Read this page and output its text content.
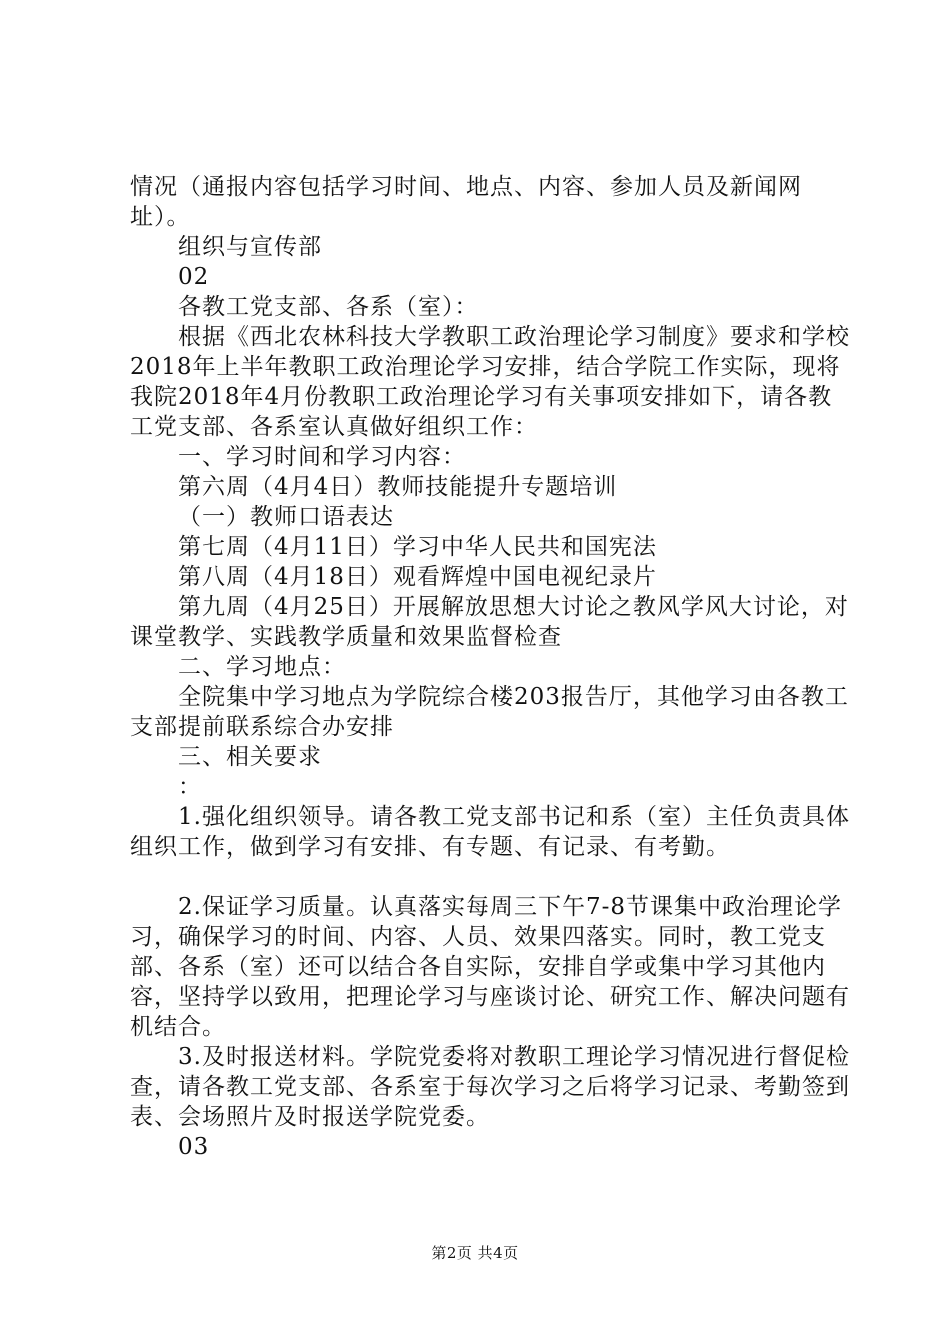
情况（通报内容包括学习时间、地点、内容、参加人员及新闻网址）。

组织与宣传部

02

各教工党支部、各系（室）：

根据《西北农林科技大学教职工政治理论学习制度》要求和学校2018年上半年教职工政治理论学习安排，结合学院工作实际，现将我院2018年4月份教职工政治理论学习有关事项安排如下，请各教工党支部、各系室认真做好组织工作：

一、学习时间和学习内容：

第六周（4月4日）教师技能提升专题培训

（一）教师口语表达

第七周（4月11日）学习中华人民共和国宪法

第八周（4月18日）观看辉煌中国电视纪录片

第九周（4月25日）开展解放思想大讨论之教风学风大讨论，对课堂教学、实践教学质量和效果监督检查

二、学习地点：

全院集中学习地点为学院综合楼203报告厅，其他学习由各教工支部提前联系综合办安排

三、相关要求

：

1.强化组织领导。请各教工党支部书记和系（室）主任负责具体组织工作，做到学习有安排、有专题、有记录、有考勤。

2.保证学习质量。认真落实每周三下午7-8节课集中政治理论学习，确保学习的时间、内容、人员、效果四落实。同时，教工党支部、各系（室）还可以结合各自实际，安排自学或集中学习其他内容，坚持学以致用，把理论学习与座谈讨论、研究工作、解决问题有机结合。

3.及时报送材料。学院党委将对教职工理论学习情况进行督促检查，请各教工党支部、各系室于每次学习之后将学习记录、考勤签到表、会场照片及时报送学院党委。

03

第2页 共4页
